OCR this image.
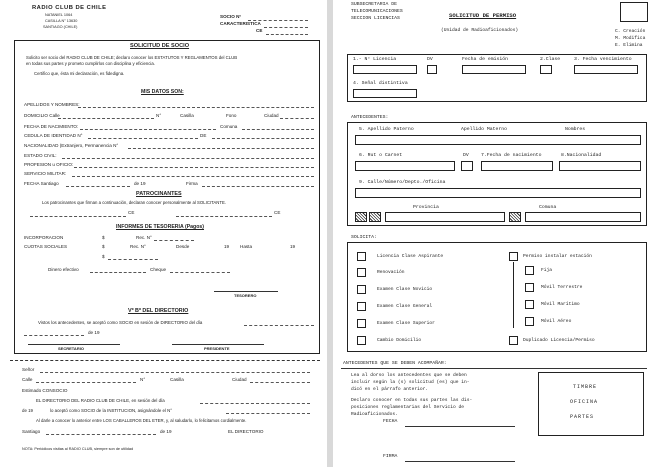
RADIO CLUB DE CHILE
NATANIEL 1064
CASILLA N° 13630
SANTIAGO (CHILE)
SOCIO N°
CARACTERISTICA
CE
SOLICITUD DE SOCIO
Solicito ser socio del RADIO CLUB DE CHILE; declaro conocer los ESTATUTOS Y REGLAMENTOS del CLUB
en todas sus partes y prometo cumplirlos con disciplina y eficiencia.
Certifico que, ésta mi declaración, es fidedigna.
MIS DATOS SON:
APELLIDOS Y NOMBRES:
DOMICILIO Calle	N°	Casilla	Fono	Ciudad
FECHA DE NACIMIENTO:	Comuna
CEDULA DE IDENTIDAD N°	DE
NACIONALIDAD (Extranjero, Permanencia N°
ESTADO CIVIL:
PROFESION u OFICIO:
SERVICIO MILITAR:
FECHA Santiago	de 19	Firma
PATROCINANTES
Los patrocinantes que firman a continuación, declaran conocer personalmente al SOLICITANTE.
CE	CE
INFORMES DE TESORERIA (Pagos)
INCORPORACION	$	Rec. N°
CUOTAS SOCIALES	$	Rec. N°	Desde	19 Hasta	19
$
Dinero efectivo	Cheque
TESORERO
Vº Bº DEL DIRECTORIO
Vistos los antecedentes, se aceptó como SOCIO en sesión de DIRECTORIO del día
de 19
SECRETARIO	PRESIDENTE
Señor
Calle	N°	Casilla	Ciudad
Estimado CONSOCIO
EL DIRECTORIO DEL RADIO CLUB DE CHILE, en sesión del día
de 19	lo aceptó como SOCIO de la INSTITUCION, asignándole el N°
Al darle a conocer lo anterior entre LOS CABALLEROS DEL ETER, y, al saludarlo, lo felicitamos cordialmente.
Santiago	de 19	EL DIRECTORIO
NOTA: Periódicos visitas al RADIO CLUB, siempre son de utilidad
SUBSECRETARIA DE
TELECOMUNICACIONES
SECCION LICENCIAS	SOLICITUD DE PERMISO
(Unidad de Radioaficionados)	C. Creación
M. Modifica
E. Elimina
1.- N° Licencia	DV	Fecha de emisión	2.Clase	3. Fecha vencimiento
4. Señal distintiva
ANTECEDENTES:
5. Apellido Paterno	Apellido Materno	Nombres
6. Rut o Carnet	DV	7.Fecha de nacimiento	8.Nacionalidad
9. Calle/Número/Depto./Oficina
Provincia	Comuna
SOLICITA:
Licencia Clase Aspirante
Renovación
Examen Clase Novicio
Examen Clase General
Examen Clase Superior
Cambio Domicilio
Permiso instalar estación
Fija
Móvil Terrestre
Móvil Marítimo
Móvil Aéreo
Duplicado Licencia/Permiso
ANTECEDENTES QUE SE DEBEN ACOMPAÑAR:
Lea al dorso los antecedentes que se deben
incluir según la (s) solicitud (es) que in-
dicó en el párrafo anterior.
Declaro conocer en todas sus partes las dis-
posiciones reglamentarias del Servicio de
Radioaficionados.
FECHA
FIRMA
TIMBRE
OFICINA
PARTES
